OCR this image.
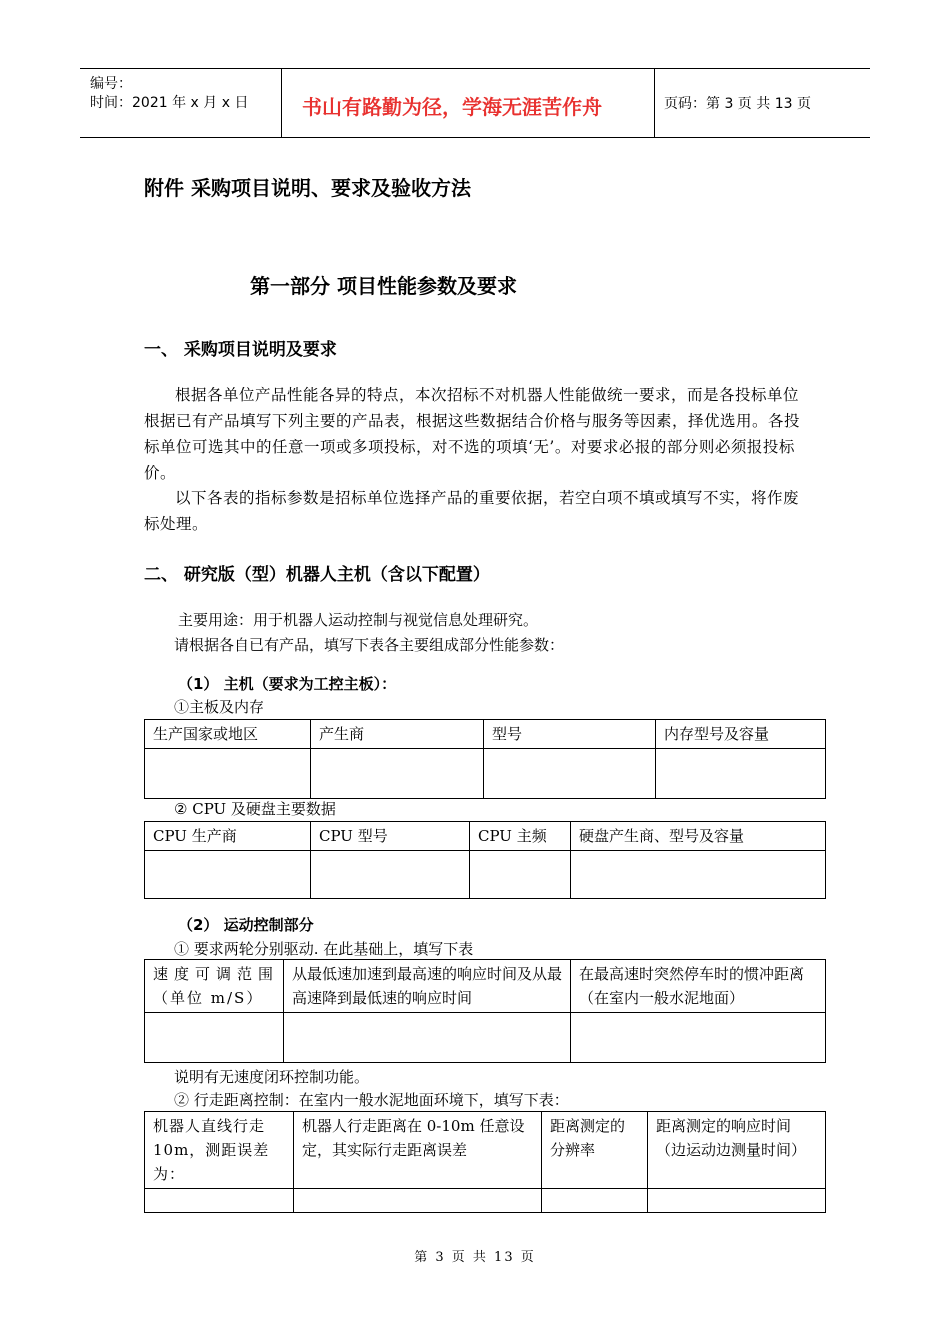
编号：
时间：2021 年 x 月 x 日	书山有路勤为径，学海无涯苦作舟	页码：第 3 页 共 13 页
附件 采购项目说明、要求及验收方法
第一部分 项目性能参数及要求
一、 采购项目说明及要求
根据各单位产品性能各异的特点，本次招标不对机器人性能做统一要求，而是各投标单位根据已有产品填写下列主要的产品表，根据这些数据结合价格与服务等因素，择优选用。各投标单位可选其中的任意一项或多项投标，对不选的项填‘无’。对要求必报的部分则必须报投标价。
以下各表的指标参数是招标单位选择产品的重要依据，若空白项不填或填写不实，将作废标处理。
二、 研究版（型）机器人主机（含以下配置）
主要用途：用于机器人运动控制与视觉信息处理研究。
请根据各自已有产品，填写下表各主要组成部分性能参数：
（1） 主机（要求为工控主板）：
①主板及内存
生产国家或地区	产生商	型号	内存型号及容量

② CPU 及硬盘主要数据
CPU 生产商	CPU 型号	CPU 主频	硬盘产生商、型号及容量

（2） 运动控制部分
① 要求两轮分别驱动. 在此基础上，填写下表
速度可调范围（单位 m/S）	从最低速加速到最高速的响应时间及从最高速降到最低速的响应时间	在最高速时突然停车时的惯冲距离（在室内一般水泥地面）

说明有无速度闭环控制功能。
② 行走距离控制：在室内一般水泥地面环境下，填写下表：
机器人直线行走 10m，测距误差为：	机器人行走距离在 0-10m 任意设定，其实际行走距离误差	距离测定的分辨率	距离测定的响应时间（边运动边测量时间）

第 3 页 共 13 页
